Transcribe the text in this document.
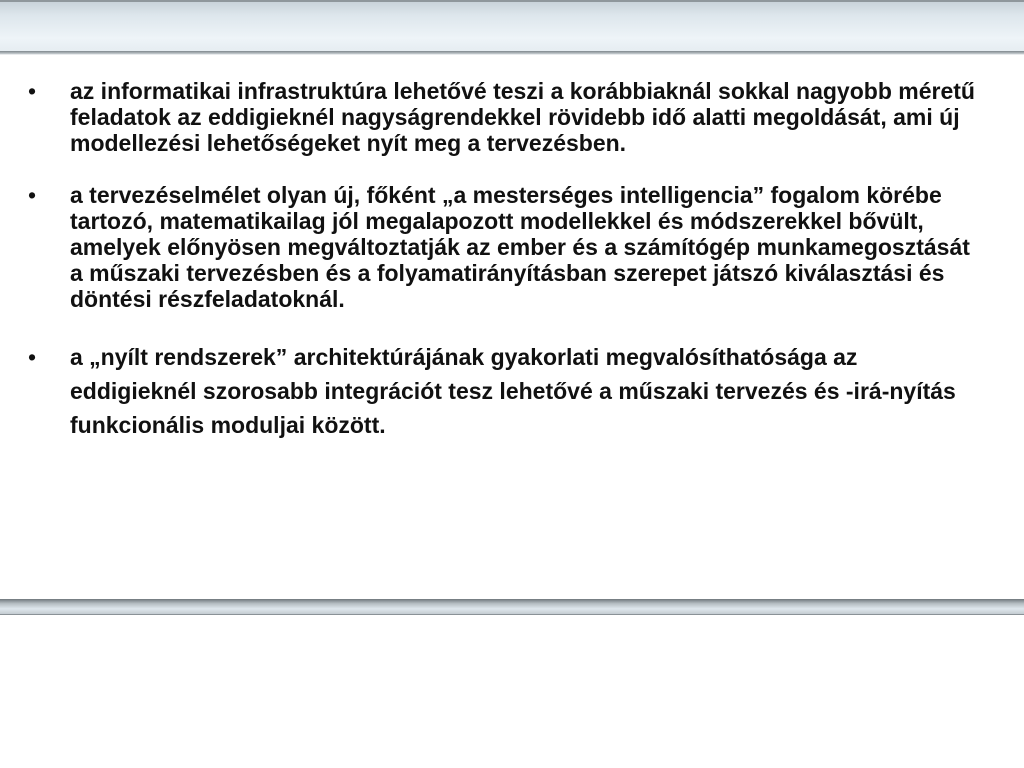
•	az informatikai infrastruktúra lehetővé teszi a korábbiaknál sokkal nagyobb méretű feladatok az eddigieknél nagyságrendekkel rövidebb idő alatti megoldását, ami új modellezési lehetőségeket nyít meg a tervezésben.
•	a tervezéselmélet olyan új, főként „a mesterséges intelligencia” fogalom körébe tartozó, matematikailag jól megalapozott modellekkel és módszerekkel bővült, amelyek előnyösen megváltoztatják az ember és a számítógép munkamegosztását a műszaki tervezésben és a folyamatirányításban szerepet játszó kiválasztási és döntési részfeladatoknál.
•	a „nyílt rendszerek” architektúrájának gyakorlati megvalósíthatósága az eddigieknél szorosabb integrációt tesz lehetővé a műszaki tervezés és -irá-nyítás funkcionális moduljai között.
